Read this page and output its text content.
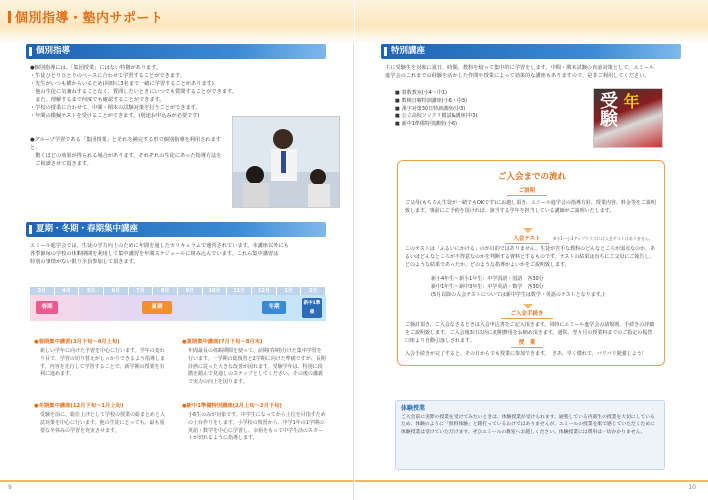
個別指導・塾内サポート
個別指導
●個別指導には、「集団授業」にはない特徴があります。
・生徒ひとりひとりのペースに合わせて学習することができます。
・先生がいつも横からいるため(同時に3名まで一緒に学習することがあります)、
　他の生徒に気兼ねすることなく、質問したいときにいつでも質問することができます。
　また、理解するまで何度でも確認することができます。
・学校の授業に合わせて、中間・期末の試験対策を行うことができます。
・年間の模擬テストを受けることができます。(別途お申込みが必要です)
●グループ学習である「集団授業」とそれを補完する形で個別指導を利用されますと、
　驚くほどの効果が得られる場合があります。それぞれの生徒にあった指導方法を
　ご相談させて頂きます。
夏期・冬期・春期集中講座
エミール進学会では、生徒の学力向上のために年間を通したカリキュラムで運営されています。本講座以外にも
各季節毎の学校の休暇期間を利用して集中講習を年間スケジュールに組み込んでいます。これら集中講習は
特別の事情がない限り全員参加して頂きます。
3月	4月	5月	6月	7月	8月	9月	10月	11月	12月	1月	2月
春期	夏期	冬期
新中1準備
●春期集中講習(3月下旬〜4月上旬)
新しい学年に向けた予習を中心に行います。学年の変わり目で、学習の切り替えがしっかりできるよう指導します。内容を先行して学習することで、新学期の授業を有利に進めます。
●夏期集中講座(7月下旬〜8月末)
年間最長の休暇期間を使って、前期(春期)分けた集中学習を行います。一学期の総復習と2学期に向けた準備ですが、長期計画に従った大きな改善が図れます。受験学年は、特別に段階を踏んで見通しのステップとしてください。その後の講義で実力の向上を図ります。
●冬期集中講座(12月下旬〜1月上旬)
受験を前に、総仕上げとして学校の授業の総まとめと入試対策を中心に行います。他の生徒にとっても、最も重要な冬休みの学習を充実させます。
●新中1準備特別講座(2月上旬〜2月下旬)
小6生のみが対象です。中学生になってから上位を目指すための土台作りをします。小学校の復習から、中学1年の1学期の英語・数学を中心に学習し、余裕をもって中学生活のスタートが切れるように指導します。
9
特別講座
主に受験生を対象に夏日、時間、教科を絞って集中的に学習をします。中間・期末試験の直前対策として、エミール
進学会のこれまでの経験を活かした作問や授業によって効果的な講座もありますので、是非ご利用してください。
■ 算数教室(小4〜中1)
■ 数検日曜特訓講座(小6・中3)
■ 漢字対策30日特訓講座(中3)
■ 公立高校ソックリ模試&講座(中3)
■ 新中1準備特別講座(小6)	受験 年
ご入会までの流れ
ご説明
ご父母(もちろん生徒が一緒でもOKです)にお越し頂き、エミール進学会の指導方針、授業内容、料金等をご説明致します。事前にご予約を頂ければ、該当する学年を担当している講師がご説明いたします。
入会テスト	※小1〜小3アップクラスには入会テストはありません。
このテストは「ふるいにかける」のが目的ではありません。生徒が苦手な教科のどんなところが弱点なのか、あるいはどんなところが不得意なのかを判断する資料とするものです。テストの結果は直ちにご父母にご報告し、どのような結果であったか、どのような指導がよいかをご説明致します。
新小4年生〜新小1年生：中学国語・国語　各30分
新中1年生〜新中3年生：中学英語・数学　各30分
(5月以降の入会テストについては新中学生は数学・英語のテストとなります。)
ご入会手続き
ご検討頂き、ご入会なさるときは入会申込書をご記入頂きます。同時にエミール進学会の諸規則、手続きの詳細をご説明致します。ご入会後3日以内に初期費用をお納め頂きます。通常、翌々月の授業料までのご指定の振替口座より自動引落しされます。	授　業
入会手続きが完了すると、その日からでも授業に参加できます。　さあ、早く慣れて、バリバリ勉強しよう！
体験授業
ご入会前に実際の授業を受けてみたいときは、体験授業が受けられます。通塾している内部生の授業を大切にしているため、体験のように「無料体験」と銘打っているわけではありませんが、エミールの授業を肌で感じていただくために体験授業は受けていただけます。ぜひエミールの教室へお越しください。体験授業には費用は一切かかりません。
10
